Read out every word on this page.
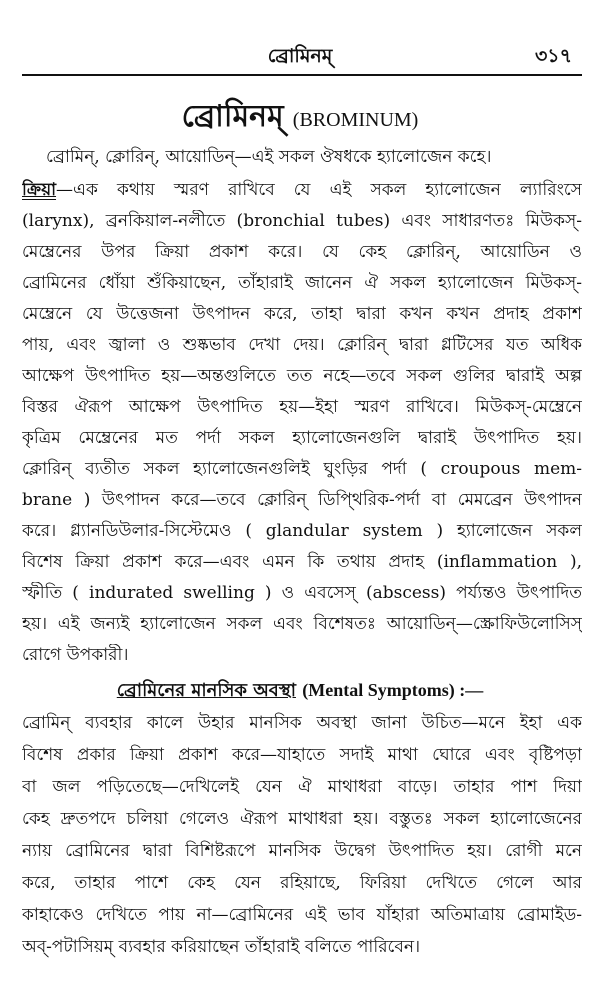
ব্রোমিনম্	৩১৭
ব্রোমিনম্ (BROMINUM)
ব্রোমিন্, ক্লোরিন্, আয়োডিন্—এই সকল ঔষধকে হ্যালোজেন কহে।
ক্রিয়া—এক কথায় স্মরণ রাখিবে যে এই সকল হ্যালোজেন ল্যারিংসে
(larynx), ব্রনকিয়াল-নলীতে (bronchial tubes) এবং সাধারণতঃ মিউকস্-
মেম্ব্রেনের উপর ক্রিয়া প্রকাশ করে। যে কেহ ক্লোরিন্, আয়োডিন ও
ব্রোমিনের ধোঁয়া শুঁকিয়াছেন, তাঁহারাই জানেন ঐ সকল হ্যালোজেন মিউকস্-
মেম্ব্রেনে যে উত্তেজনা উৎপাদন করে, তাহা দ্বারা কখন কখন প্রদাহ প্রকাশ
পায়, এবং জ্বালা ও শুষ্কভাব দেখা দেয়। ক্লোরিন্ দ্বারা গ্লটিসের যত অধিক
আক্ষেপ উৎপাদিত হয়—অন্তগুলিতে তত নহে—তবে সকল গুলির দ্বারাই অল্প
বিস্তর ঐরূপ আক্ষেপ উৎপাদিত হয়—ইহা স্মরণ রাখিবে। মিউকস্-মেম্ব্রেনে
কৃত্রিম মেম্ব্রেনের মত পর্দা সকল হ্যালোজেনগুলি দ্বারাই উৎপাদিত হয়।
ক্লোরিন্ ব্যতীত সকল হ্যালোজেনগুলিই ঘুংড়ির পর্দা ( croupous mem-
brane ) উৎপাদন করে—তবে ক্লোরিন্ ডিপ্থিরিক-পর্দা বা মেমব্রেন উৎপাদন
করে। গ্ল্যানডিউলার-সিস্টেমেও ( glandular system ) হ্যালোজেন সকল
বিশেষ ক্রিয়া প্রকাশ করে—এবং এমন কি তথায় প্রদাহ (inflammation ),
স্ফীতি ( indurated swelling ) ও এবসেস্ (abscess) পর্য্যন্তও উৎপাদিত
হয়। এই জন্যই হ্যালোজেন সকল এবং বিশেষতঃ আয়োডিন্—স্ক্রোফিউলোসিস্
রোগে উপকারী।
ব্রোমিনের মানসিক অবস্থা (Mental Symptoms) :—
ব্রোমিন্ ব্যবহার কালে উহার মানসিক অবস্থা জানা উচিত—মনে ইহা এক
বিশেষ প্রকার ক্রিয়া প্রকাশ করে—যাহাতে সদাই মাথা ঘোরে এবং বৃষ্টিপড়া
বা জল পড়িতেছে—দেখিলেই যেন ঐ মাথাধরা বাড়ে। তাহার পাশ দিয়া
কেহ দ্রুতপদে চলিয়া গেলেও ঐরূপ মাথাধরা হয়। বস্তুতঃ সকল হ্যালোজেনের
ন্যায় ব্রোমিনের দ্বারা বিশিষ্টরূপে মানসিক উদ্বেগ উৎপাদিত হয়। রোগী মনে
করে, তাহার পাশে কেহ যেন রহিয়াছে, ফিরিয়া দেখিতে গেলে আর
কাহাকেও দেখিতে পায় না—ব্রোমিনের এই ভাব যাঁহারা অতিমাত্রায় ব্রোমাইড-
অব্-পটাসিয়ম্ ব্যবহার করিয়াছেন তাঁহারাই বলিতে পারিবেন।
